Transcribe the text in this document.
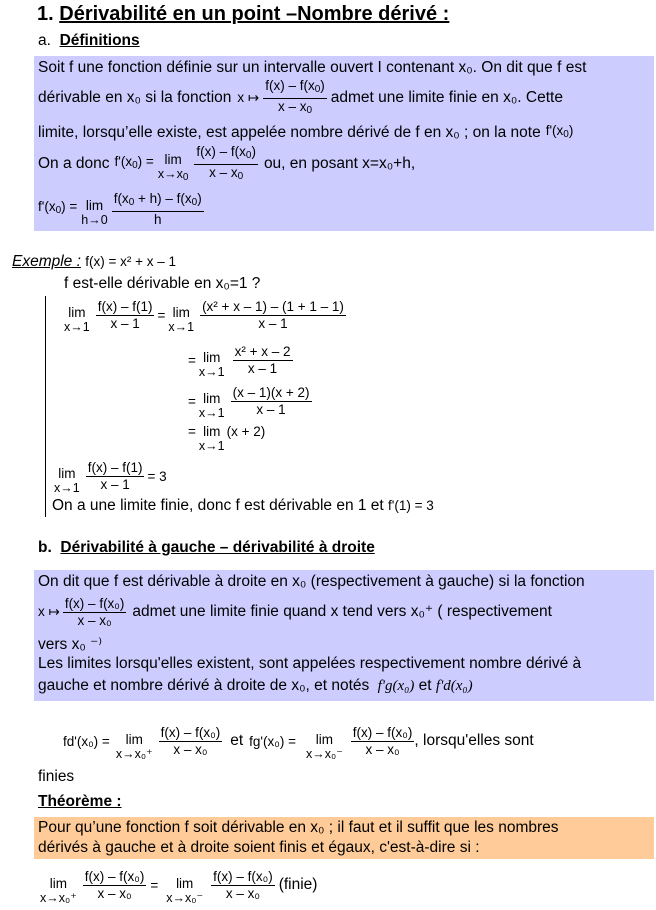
1. Dérivabilité en un point –Nombre dérivé :
a. Définitions
Soit f une fonction définie sur un intervalle ouvert I contenant x₀. On dit que f est
dérivable en x₀ si la fonction x ↦ $\frac{f(x) - f(x_0)}{x - x_0}$ admet une limite finie en x₀. Cette
limite, lorsqu’elle existe, est appelée nombre dérivé de f en x₀ ; on la note $f'(x_0)$
On a donc $f'(x_0) = \lim$
$x\to x_0 \frac{f(x) - f(x_0)}{x - x_0}$ ou, en posant x=x₀+h,
$f'(x_0) = \lim$
$h\to 0 \frac{f(x_0 + h) - f(x_0)}{h}$
Exemple : f(x) = x² + x – 1
f est-elle dérivable en x₀=1 ?
lim
$x\to 1 \frac{f(x) - f(1)}{x - 1} = \lim$
$x\to 1 \frac{\text{(x² + x – 1) – (1 + 1 – 1)}}{x - 1}$
= lim
$x\to 1 \frac{\text{x² + x – 2}}{x - 1}$
= lim
$x\to 1 \frac{(x - 1)(x + 2)}{x - 1}$
= lim
x→1
(x + 2)
lim
$x\to 1 \frac{f(x) - f(1)}{x - 1} = 3$
On a une limite finie, donc f est dérivable en 1 et f'(1) = 3
b. Dérivabilité à gauche – dérivabilité à droite
On dit que f est dérivable à droite en x₀ (respectivement à gauche) si la fonction
x ↦ $\frac{\text{f(x) – f(x₀)}}{\text{x – x₀}}$ admet une limite finie quand x tend vers x₀⁺ ( respectivement
vers x₀ ⁻⁾
Les limites lorsqu'elles existent, sont appelées respectivement nombre dérivé à
gauche et nombre dérivé à droite de x₀, et notés f'g(x₀) et f'd(x₀)
fd'(x₀) = lim
$x\to x_0^+ \frac{\text{f(x) – f(x₀)}}{\text{x – x₀}}$ et fg'(x₀) = lim
$x\to x_0^- \frac{\text{f(x) – f(x₀)}}{\text{x – x₀}}$ , lorsqu'elles sont
finies
Théorème :
Pour qu’une fonction f soit dérivable en x₀ ; il faut et il suffit que les nombres
dérivés à gauche et à droite soient finis et égaux, c'est-à-dire si :
lim
$x\to x_0^+ \frac{\text{f(x) – f(x₀)}}{\text{x – x₀}} = \lim$
$x\to x_0^- \frac{\text{f(x) – f(x₀)}}{\text{x – x₀}}$ (finie)
